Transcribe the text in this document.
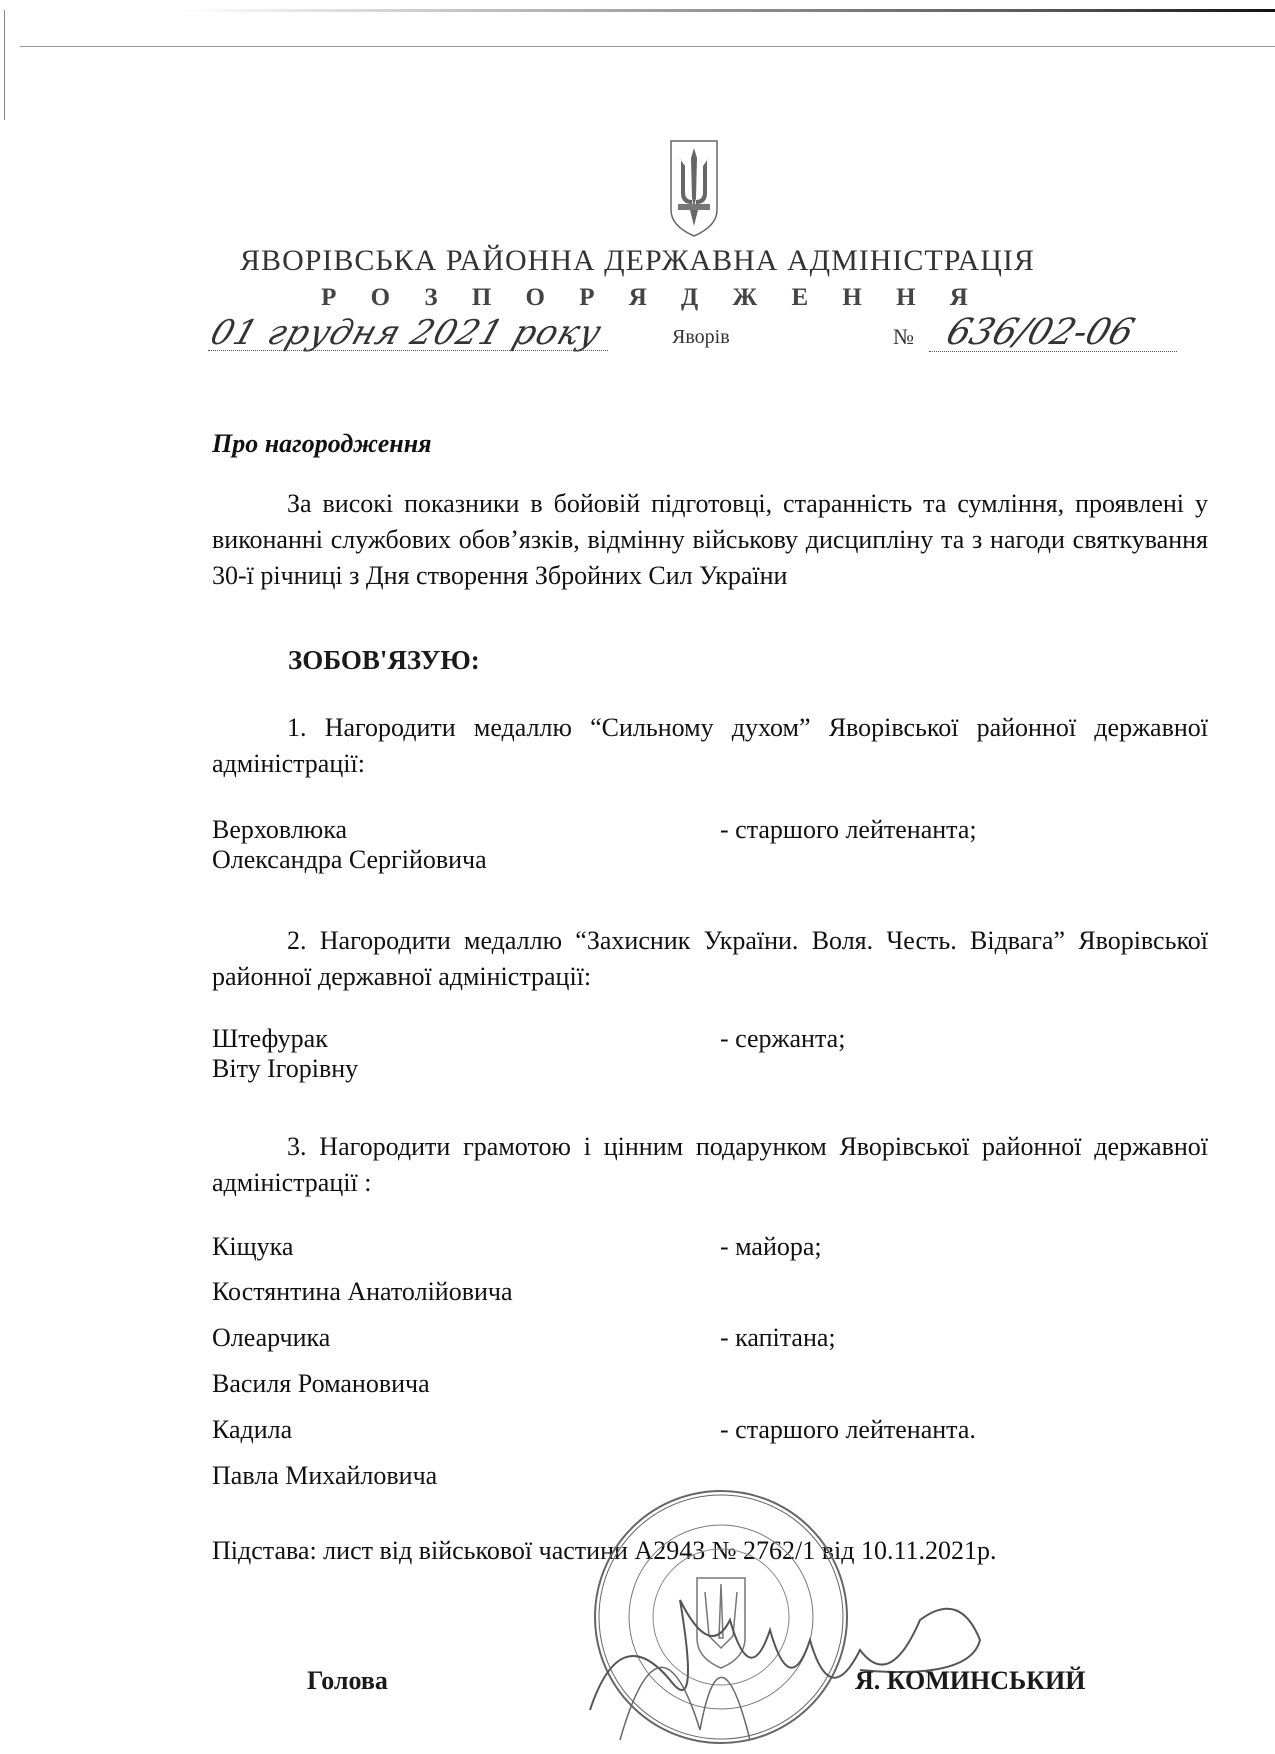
ЯВОРІВСЬКА РАЙОННА ДЕРЖАВНА АДМІНІСТРАЦІЯ
Р О З П О Р Я Д Ж Е Н Н Я
01 грудня 2021 року	Яворів	№ 636/02-06
Про нагородження
За високі показники в бойовій підготовці, старанність та сумління, проявлені у виконанні службових обов’язків, відмінну військову дисципліну та з нагоди святкування 30-ї річниці з Дня створення Збройних Сил України
ЗОБОВ'ЯЗУЮ:
1. Нагородити медаллю “Сильному духом” Яворівської районної державної адміністрації:
Верховлюка	- старшого лейтенанта;
Олександра Сергійовича
2. Нагородити медаллю “Захисник України. Воля. Честь. Відвага” Яворівської районної державної адміністрації:
Штефурак	- сержанта;
Віту Ігорівну
3. Нагородити грамотою і цінним подарунком Яворівської районної державної адміністрації :
Кіщука	- майора;
Костянтина Анатолійовича
Олеарчика	- капітана;
Василя Романовича
Кадила	- старшого лейтенанта.
Павла Михайловича
Підстава: лист від військової частини А2943 № 2762/1 від 10.11.2021р.
Голова	Я. КОМИНСЬКИЙ
